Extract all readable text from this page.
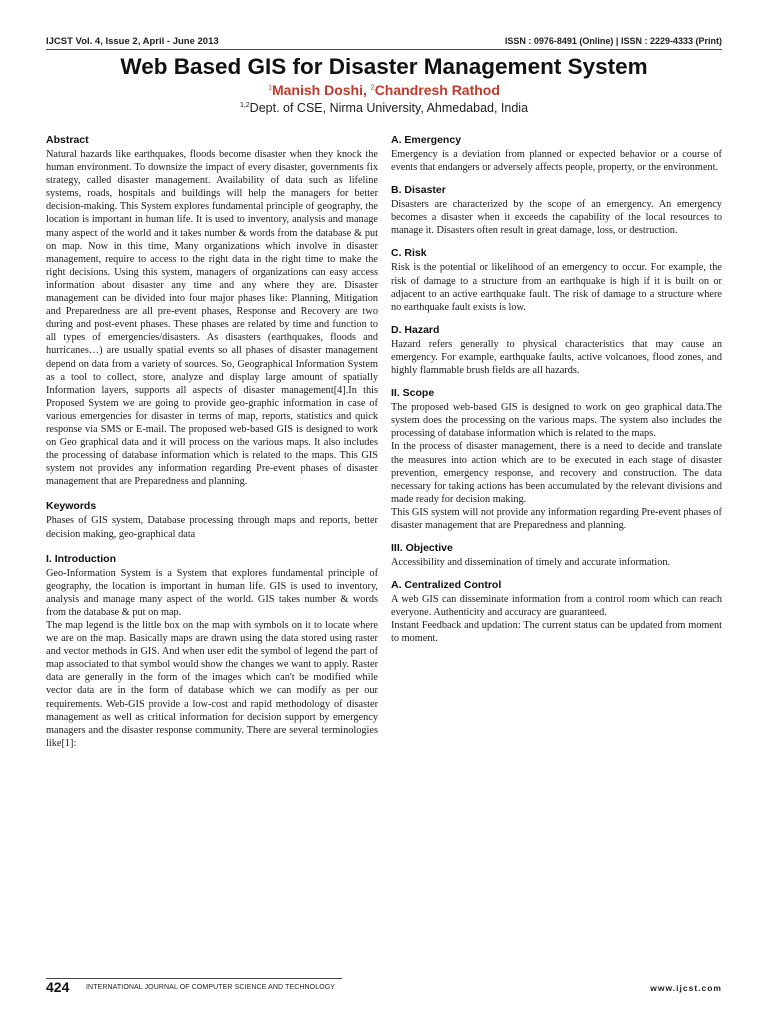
IJCST Vol. 4, Issue 2, April - June 2013	ISSN : 0976-8491 (Online) | ISSN : 2229-4333 (Print)
Web Based GIS for Disaster Management System
$^1$Manish Doshi, $^2$Chandresh Rathod
$^{1,2}$Dept. of CSE, Nirma University, Ahmedabad, India
Abstract

Natural hazards like earthquakes, floods become disaster when they knock the human environment. To downsize the impact of every disaster, governments fix strategy, called disaster management. Availability of data such as lifeline systems, roads, hospitals and buildings will help the managers for better decision-making. This System explores fundamental principle of geography, the location is important in human life. It is used to inventory, analysis and manage many aspect of the world and it takes number & words from the database & put on map. Now in this time, Many organizations which involve in disaster management, require to access to the right data in the right time to make the right decisions. Using this system, managers of organizations can easy access information about disaster any time and any where they are. Disaster management can be divided into four major phases like: Planning, Mitigation and Preparedness are all pre-event phases, Response and Recovery are two during and post-event phases. These phases are related by time and function to all types of emergencies/disasters. As disasters (earthquakes, floods and hurricanes…) are usually spatial events so all phases of disaster management depend on data from a variety of sources. So, Geographical Information System as a tool to collect, store, analyze and display large amount of spatially Information layers, supports all aspects of disaster management[4].In this Proposed System we are going to provide geo-graphic information in case of various emergencies for disaster in terms of map, reports, statistics and quick response via SMS or E-mail. The proposed web-based GIS is designed to work on Geo graphical data and it will process on the various maps. It also includes the processing of database information which is related to the maps. This GIS system not provides any information regarding Pre-event phases of disaster management that are Preparedness and planning.

Keywords

Phases of GIS system, Database processing through maps and reports, better decision making, geo-graphical data

I. Introduction

Geo-Information System is a System that explores fundamental principle of geography, the location is important in human life. GIS is used to inventory, analysis and manage many aspect of the world. GIS takes number & words from the database & put on map.

The map legend is the little box on the map with symbols on it to locate where we are on the map. Basically maps are drawn using the data stored using raster and vector methods in GIS. And when user edit the symbol of legend the part of map associated to that symbol would show the changes we want to apply. Raster data are generally in the form of the images which can't be modified while vector data are in the form of database which we can modify as per our requirements. Web-GIS provide a low-cost and rapid methodology of disaster management as well as critical information for decision support by emergency managers and the disaster response community. There are several terminologies like[1]:

A. Emergency

Emergency is a deviation from planned or expected behavior or a course of events that endangers or adversely affects people, property, or the environment.

B. Disaster

Disasters are characterized by the scope of an emergency. An emergency becomes a disaster when it exceeds the capability of the local resources to manage it. Disasters often result in great damage, loss, or destruction.

C. Risk

Risk is the potential or likelihood of an emergency to occur. For example, the risk of damage to a structure from an earthquake is high if it is built on or adjacent to an active earthquake fault. The risk of damage to a structure where no earthquake fault exists is low.

D. Hazard

Hazard refers generally to physical characteristics that may cause an emergency. For example, earthquake faults, active volcanoes, flood zones, and highly flammable brush fields are all hazards.

II. Scope

The proposed web-based GIS is designed to work on geo graphical data.The system does the processing on the various maps. The system also includes the processing of database information which is related to the maps.

In the process of disaster management, there is a need to decide and translate the measures into action which are to be executed in each stage of disaster prevention, emergency response, and recovery and construction. The data necessary for taking actions has been accumulated by the relevant divisions and made ready for decision making.

This GIS system will not provide any information regarding Pre-event phases of disaster management that are Preparedness and planning.

III. Objective

Accessibility and dissemination of timely and accurate information.

A. Centralized Control

A web GIS can disseminate information from a control room which can reach everyone. Authenticity and accuracy are guaranteed.

Instant Feedback and updation: The current status can be updated from moment to moment.

424 INTERNATIONAL JOURNAL OF COMPUTER SCIENCE AND TECHNOLOGY	www.ijcst.com
